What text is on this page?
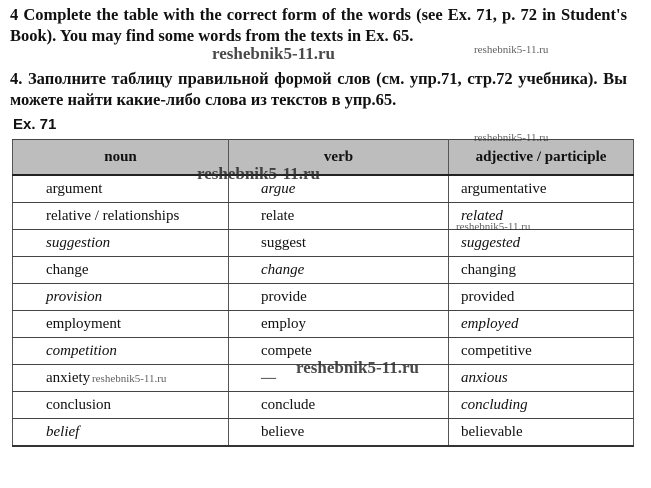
4 Complete the table with the correct form of the words (see Ex. 71, p. 72 in Student's Book). You may find some words from the texts in Ex. 65.
4. Заполните таблицу правильной формой слов (см. упр.71, стр.72 учебника). Вы можете найти какие-либо слова из текстов в упр.65.
Ex. 71
noun	verb	adjective / participle
argument	argue	argumentative
relative / relationships	relate	related
suggestion	suggest	suggested
change	change	changing
provision	provide	provided
employment	employ	employed
competition	compete	competitive
anxiety	—	anxious
conclusion	conclude	concluding
belief	believe	believable
reshebnik5-11.ru	reshebnik5-11.ru
reshebnik5-11.ru
reshebnik5-11.ru
reshebnik5-11.ru
reshebnik5-11.ru
reshebnik5-11.ru
